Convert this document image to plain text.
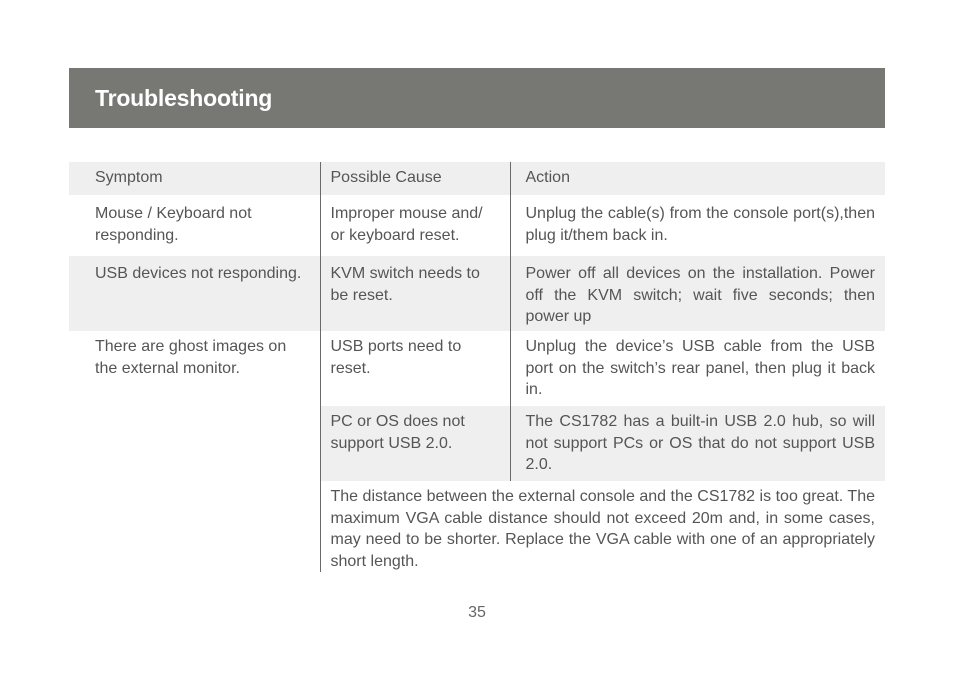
Troubleshooting
Symptom	Possible Cause	Action
Mouse / Keyboard not responding.	Improper mouse and/ or keyboard reset.	Unplug the cable(s) from the console port(s),then plug it/them back in.
USB devices not responding.	KVM switch needs to be reset.	Power off all devices on the installation. Power off the KVM switch; wait five seconds; then power up
There are ghost images on the external monitor.	USB ports need to reset.	Unplug the device’s USB cable from the USB port on the switch’s rear panel, then plug it back in.
	PC or OS does not support USB 2.0.	The CS1782 has a built-in USB 2.0 hub, so will not support PCs or OS that do not support USB 2.0.
	The distance between the external console and the CS1782 is too great. The maximum VGA cable distance should not exceed 20m and, in some cases, may need to be shorter. Replace the VGA cable with one of an appropriately short length.	
35
